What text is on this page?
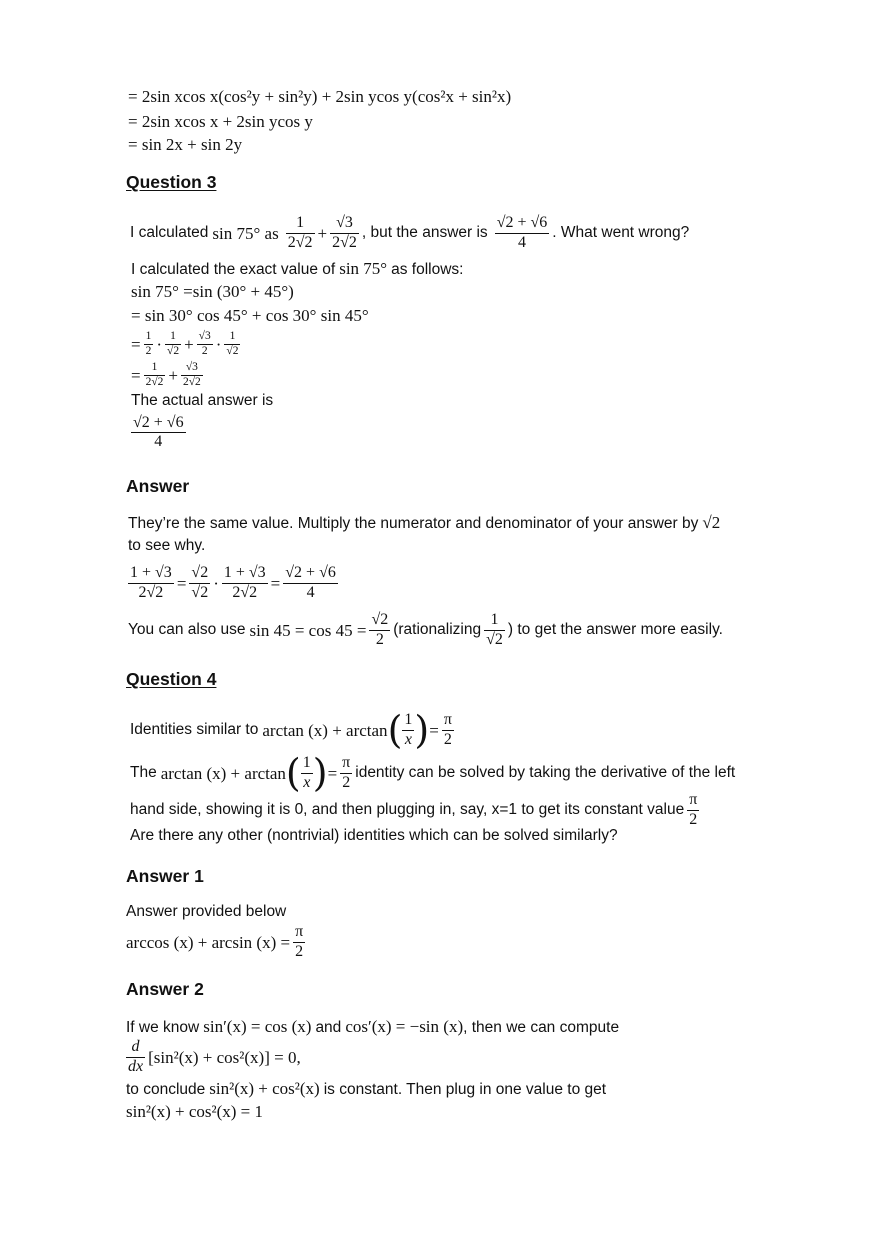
= 2sin xcos x(cos²y + sin²y) + 2sin ycos y(cos²x + sin²x)
= 2sin xcos x + 2sin ycos y
= sin 2x + sin 2y
Question 3
I calculated
sin 75° as
$\frac{1}{2√2} + \frac{√3}{2√2}$ , but the answer is
$\frac{√2 + √6}{4}$ . What went wrong?
I calculated the exact value of sin 75° as follows:
sin 75° =sin (30° + 45°)
= sin 30° cos 45° + cos 30° sin 45°
= $\frac{1}{2} \cdot \frac{1}{√2} + \frac{√3}{2} \cdot \frac{1}{√2}$
= $\frac{1}{2√2} + \frac{√3}{2√2}$
The actual answer is
$\frac{√2 + √6}{4}$
Answer
They’re the same value. Multiply the numerator and denominator of your answer by √2
to see why.
$\frac{1 + √3}{2√2} = \frac{√2}{√2} \cdot \frac{1 + √3}{2√2} = \frac{√2 + √6}{4}$
You can also use
$\sin 45 = \cos 45 = \frac{√2}{2}$ (rationalizing $\frac{1}{√2}$ ) to get the answer more easily.
Question 4
Identities similar to
arctan (x) + arctan ( $\frac{1}{x}$ ) = $\frac{\pi}{2}$
The
arctan (x) + arctan ( $\frac{1}{x}$ ) = $\frac{\pi}{2}$ identity can be solved by taking the derivative of the left
hand side, showing it is 0, and then plugging in, say, x=1 to get its constant value $\frac{\pi}{2}$
Are there any other (nontrivial) identities which can be solved similarly?
Answer 1
Answer provided below
$\arccos (x) + \arcsin (x) = \frac{\pi}{2}$
Answer 2
If we know sin′(x) = cos (x) and cos′(x) = −sin (x), then we can compute
$\frac{d}{dx} [\sin^2(x) + \cos^2(x)] = 0$,
to conclude sin²(x) + cos²(x) is constant. Then plug in one value to get
sin²(x) + cos²(x) = 1
